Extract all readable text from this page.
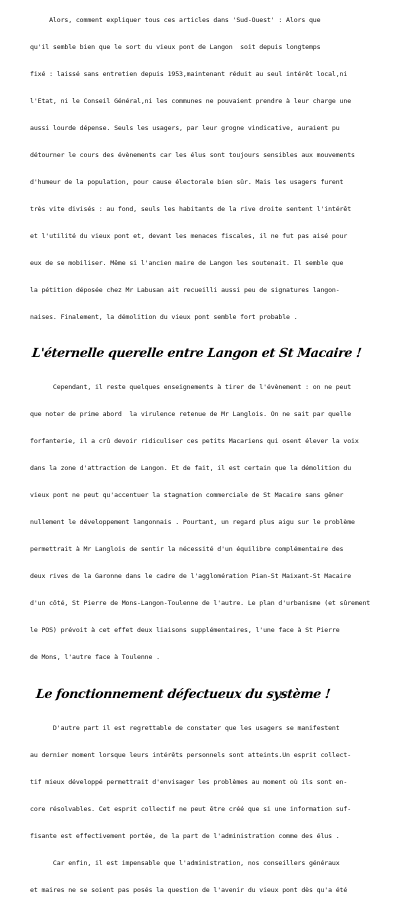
Alors, comment expliquer tous ces articles dans 'Sud-Ouest' : Alors que

qu'il semble bien que le sort du vieux pont de Langon  soit depuis longtemps

fixé : laissé sans entretien depuis 1953,maintenant réduit au seul intérêt local,ni

l'Etat, ni le Conseil Général,ni les communes ne pouvaient prendre à leur charge une

aussi lourde dépense. Seuls les usagers, par leur grogne vindicative, auraient pu

détourner le cours des évènements car les élus sont toujours sensibles aux mouvements

d'humeur de la population, pour cause électorale bien sûr. Mais les usagers furent

très vite divisés : au fond, seuls les habitants de la rive droite sentent l'intérêt

et l'utilité du vieux pont et, devant les menaces fiscales, il ne fut pas aisé pour

eux de se mobiliser. Même si l'ancien maire de Langon les soutenait. Il semble que

la pétition déposée chez Mr Labusan ait recueilli aussi peu de signatures langon-

naises. Finalement, la démolition du vieux pont semble fort probable .

L'éternelle querelle entre Langon et St Macaire !

Cependant, il reste quelques enseignements à tirer de l'évènement : on ne peut

que noter de prime abord  la virulence retenue de Mr Langlois. On ne sait par quelle

forfanterie, il a crû devoir ridiculiser ces petits Macariens qui osent élever la voix

dans la zone d'attraction de Langon. Et de fait, il est certain que la démolition du

vieux pont ne peut qu'accentuer la stagnation commerciale de St Macaire sans gêner

nullement le développement langonnais . Pourtant, un regard plus aigu sur le problème

permettrait à Mr Langlois de sentir la nécessité d'un équilibre complémentaire des

deux rives de la Garonne dans le cadre de l'agglomération Pian-St Maixant-St Macaire

d'un côté, St Pierre de Mons-Langon-Toulenne de l'autre. Le plan d'urbanisme (et sûrement

le POS) prévoit à cet effet deux liaisons supplémentaires, l'une face à St Pierre

de Mons, l'autre face à Toulenne .

Le fonctionnement défectueux du système !

D'autre part il est regrettable de constater que les usagers se manifestent

au dernier moment lorsque leurs intérêts personnels sont atteints.Un esprit collect-

tif mieux développé permettrait d'envisager les problèmes au moment où ils sont en-

core résolvables. Cet esprit collectif ne peut être créé que si une information suf-

fisante est effectivement portée, de la part de l'administration comme des élus .

Car enfin, il est impensable que l'administration, nos conseillers généraux

et maires ne se soient pas posés la question de l'avenir du vieux pont dès qu'a été
